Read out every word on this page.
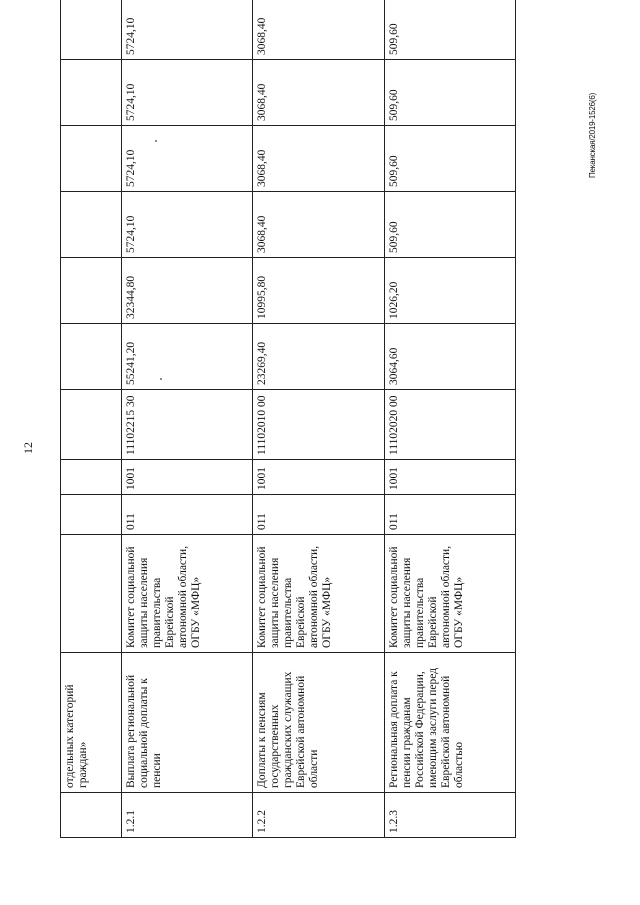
12
Пеканская/2019-1526(6)
	отдельных категорий граждан»										
1.2.1	Выплата региональной социальной доплаты к пенсии	Комитет социальной защиты населения правительства Еврейской автономной области, ОГБУ «МФЦ»	011	1001	11102215 30	55241,20	32344,80	5724,10	5724,10	5724,10	5724,10
1.2.2	Доплаты к пенсиям государственных гражданских служащих Еврейской автономной области	Комитет социальной защиты населения правительства Еврейской автономной области, ОГБУ «МФЦ»	011	1001	11102010 00	23269,40	10995,80	3068,40	3068,40	3068,40	3068,40
1.2.3	Региональная доплата к пенсии гражданам Российской Федерации, имеющим заслуги перед Еврейской автономной областью	Комитет социальной защиты населения правительства Еврейской автономной области, ОГБУ «МФЦ»	011	1001	11102020 00	3064,60	1026,20	509,60	509,60	509,60	509,60
